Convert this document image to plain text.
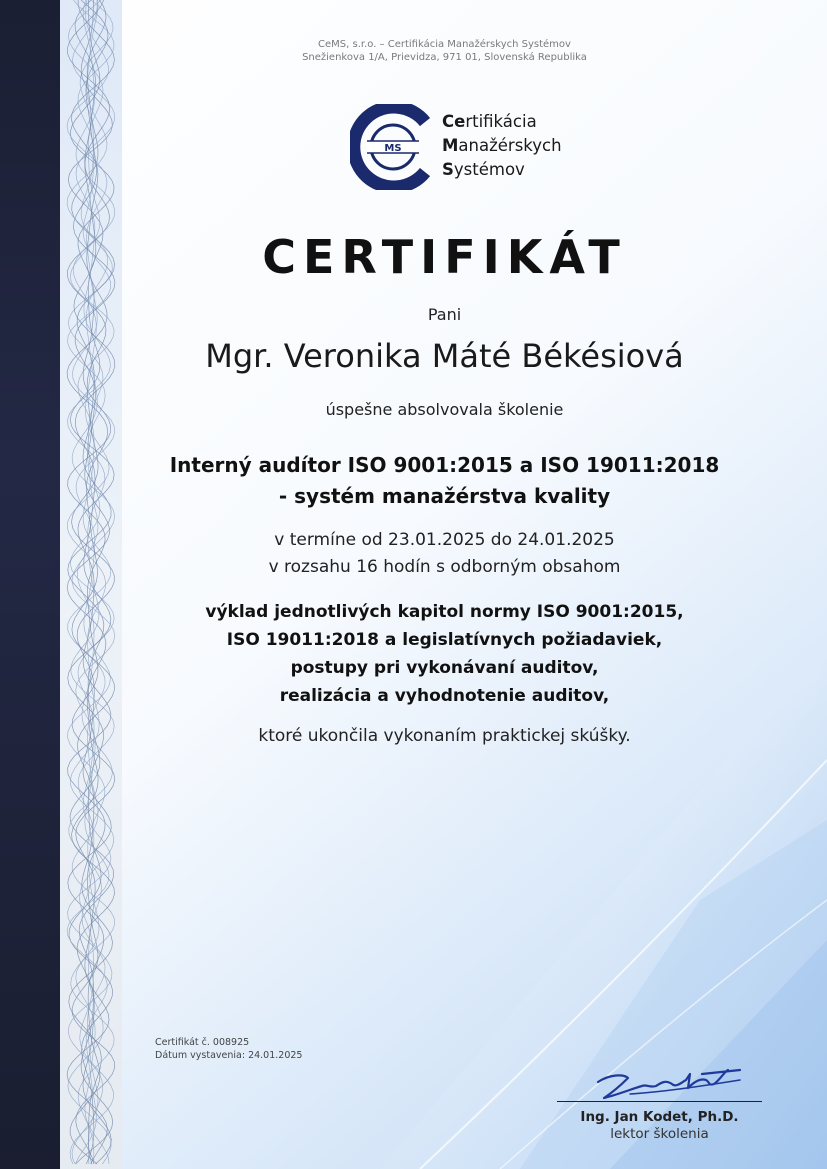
CeMS, s.r.o. – Certifikácia Manažérskych Systémov
Snežienkova 1/A, Prievidza, 971 01, Slovenská Republika
MS
Certifikácia
Manažérskych
Systémov
CERTIFIKÁT
Pani
Mgr. Veronika Máté Békésiová
úspešne absolvovala školenie
Interný audítor ISO 9001:2015 a ISO 19011:2018
- systém manažérstva kvality
v termíne od 23.01.2025 do 24.01.2025
v rozsahu 16 hodín s odborným obsahom
výklad jednotlivých kapitol normy ISO 9001:2015,
ISO 19011:2018 a legislatívnych požiadaviek,
postupy pri vykonávaní auditov,
realizácia a vyhodnotenie auditov,
ktoré ukončila vykonaním praktickej skúšky.
Certifikát č. 008925
Dátum vystavenia: 24.01.2025
Ing. Jan Kodet, Ph.D.
lektor školenia
